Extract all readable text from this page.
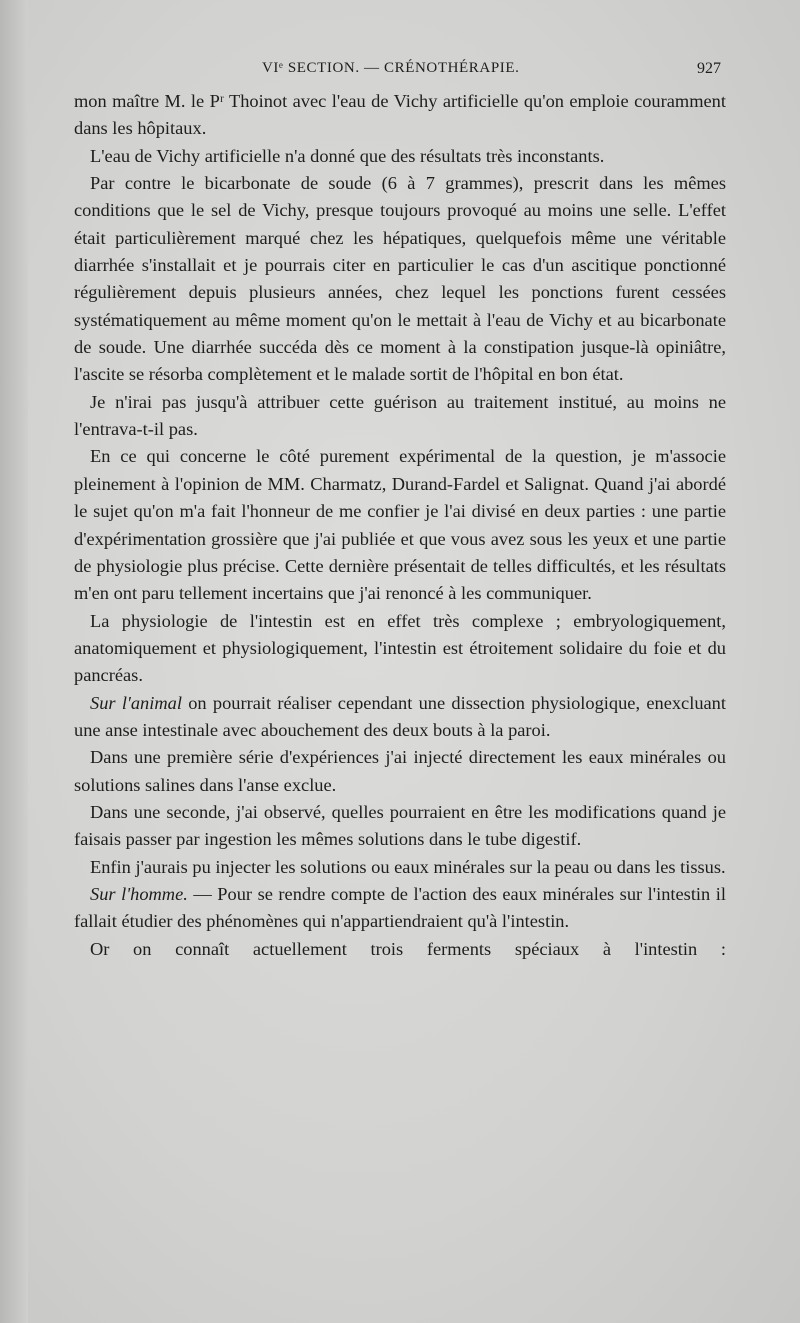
VIᵉ SECTION. — CRÉNOTHÉRAPIE.	927

mon maître M. le Pʳ Thoinot avec l'eau de Vichy artificielle qu'on emploie couramment dans les hôpitaux.

L'eau de Vichy artificielle n'a donné que des résultats très inconstants.

Par contre le bicarbonate de soude (6 à 7 grammes), prescrit dans les mêmes conditions que le sel de Vichy, presque toujours provoqué au moins une selle. L'effet était particulièrement marqué chez les hépatiques, quelquefois même une véritable diarrhée s'installait et je pourrais citer en particulier le cas d'un ascitique ponctionné régulièrement depuis plusieurs années, chez lequel les ponctions furent cessées systématiquement au même moment qu'on le mettait à l'eau de Vichy et au bicarbonate de soude. Une diarrhée succéda dès ce moment à la constipation jusque-là opiniâtre, l'ascite se résorba complètement et le malade sortit de l'hôpital en bon état.

Je n'irai pas jusqu'à attribuer cette guérison au traitement institué, au moins ne l'entrava-t-il pas.

En ce qui concerne le côté purement expérimental de la question, je m'associe pleinement à l'opinion de MM. Charmatz, Durand-Fardel et Salignat. Quand j'ai abordé le sujet qu'on m'a fait l'honneur de me confier je l'ai divisé en deux parties : une partie d'expérimentation grossière que j'ai publiée et que vous avez sous les yeux et une partie de physiologie plus précise. Cette dernière présentait de telles difficultés, et les résultats m'en ont paru tellement incertains que j'ai renoncé à les communiquer.

La physiologie de l'intestin est en effet très complexe ; embryologiquement, anatomiquement et physiologiquement, l'intestin est étroitement solidaire du foie et du pancréas.

Sur l'animal on pourrait réaliser cependant une dissection physiologique, enexcluant une anse intestinale avec abouchement des deux bouts à la paroi.

Dans une première série d'expériences j'ai injecté directement les eaux minérales ou solutions salines dans l'anse exclue.

Dans une seconde, j'ai observé, quelles pourraient en être les modifications quand je faisais passer par ingestion les mêmes solutions dans le tube digestif.

Enfin j'aurais pu injecter les solutions ou eaux minérales sur la peau ou dans les tissus.

Sur l'homme. — Pour se rendre compte de l'action des eaux minérales sur l'intestin il fallait étudier des phénomènes qui n'appartiendraient qu'à l'intestin.

Or on connaît actuellement trois ferments spéciaux à l'intestin :
